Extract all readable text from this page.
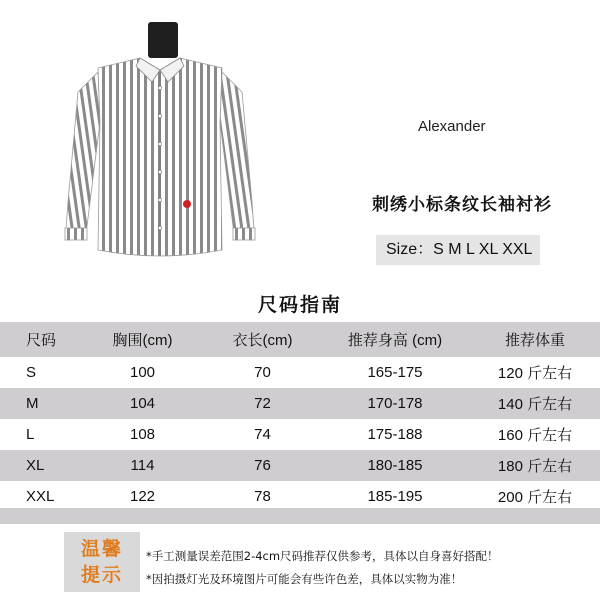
Alexander
刺绣小标条纹长袖衬衫
Size：S M L XL XXL
尺码指南
尺码	胸围(cm)	衣长(cm)	推荐身高 (cm)	推荐体重
S	100	70	165-175	120 斤左右
M	104	72	170-178	140 斤左右
L	108	74	175-188	160 斤左右
XL	114	76	180-185	180 斤左右
XXL	122	78	185-195	200 斤左右
温馨
提示
*手工测量误差范围2-4cm尺码推荐仅供参考，具体以自身喜好搭配！
*因拍摄灯光及环境图片可能会有些许色差，具体以实物为准！
